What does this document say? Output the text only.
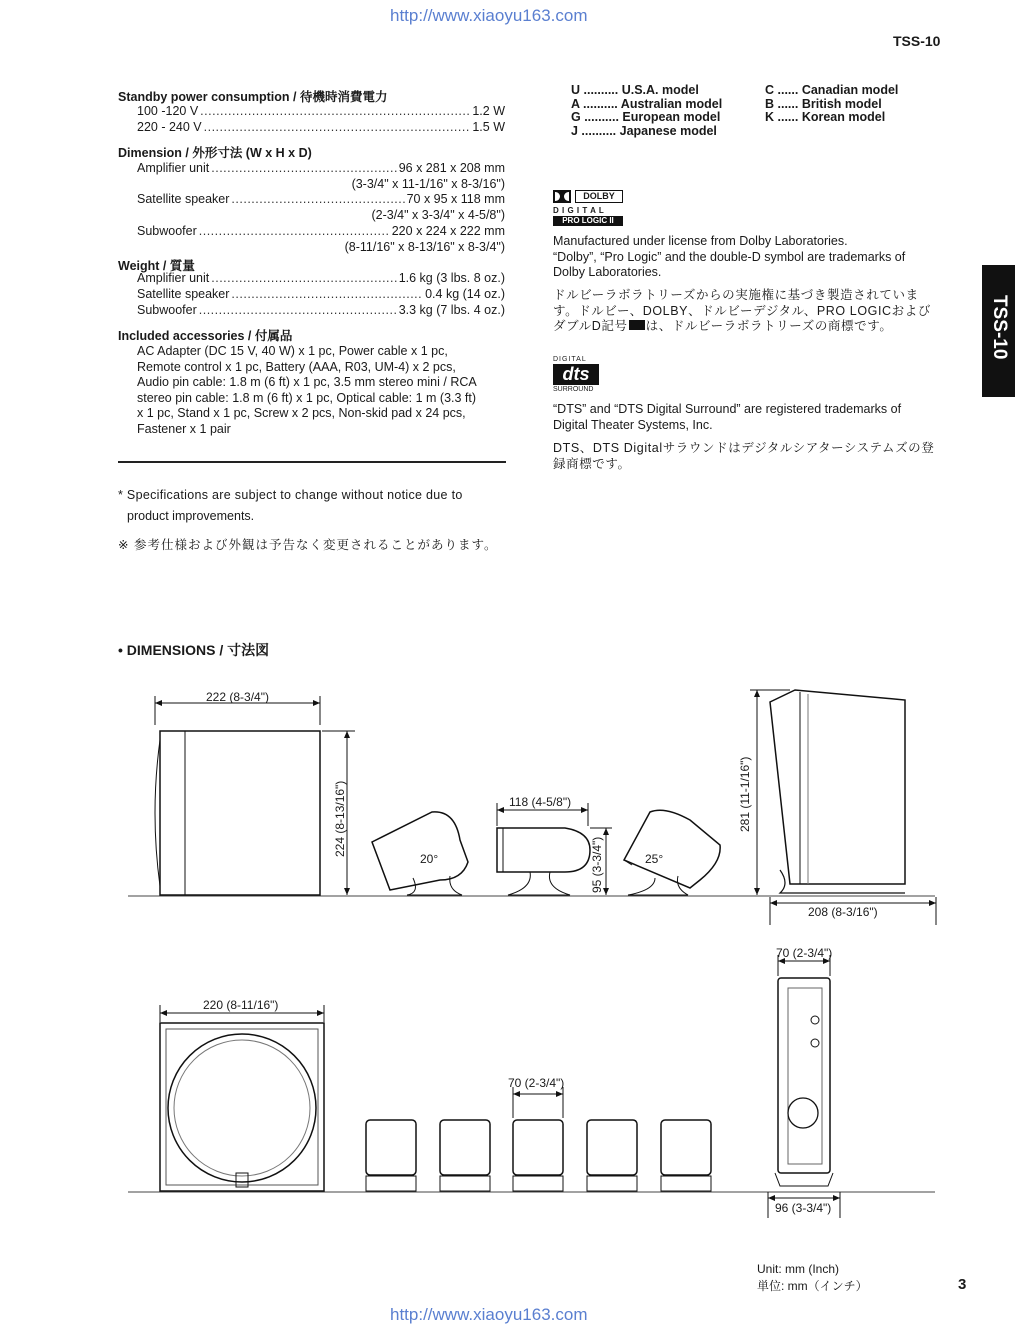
http://www.xiaoyu163.com
TSS-10
TSS-10
Standby power consumption / 待機時消費電力
100 -120 V .....	1.2 W
220 - 240 V .....	1.5 W
Dimension / 外形寸法 (W x H x D)
Amplifier unit .....	96 x 281 x 208 mm
(3-3/4" x 11-1/16" x 8-3/16")
Satellite speaker .....	70 x 95 x 118 mm
(2-3/4" x 3-3/4" x 4-5/8")
Subwoofer .....	220 x 224 x 222 mm
(8-11/16" x 8-13/16" x 8-3/4")
Weight / 質量
Amplifier unit .....	1.6 kg (3 lbs. 8 oz.)
Satellite speaker .....	0.4 kg (14 oz.)
Subwoofer .....	3.3 kg (7 lbs. 4 oz.)
Included accessories / 付属品
AC Adapter (DC 15 V, 40 W) x 1 pc, Power cable x 1 pc,
Remote control x 1 pc, Battery (AAA, R03, UM-4) x 2 pcs,
Audio pin cable: 1.8 m (6 ft) x 1 pc, 3.5 mm stereo mini / RCA
stereo pin cable: 1.8 m (6 ft) x 1 pc, Optical cable: 1 m (3.3 ft)
x 1 pc, Stand x 1 pc, Screw x 2 pcs, Non-skid pad x 24 pcs,
Fastener x 1 pair
* Specifications are subject to change without notice due to
product improvements.
※ 参考仕様および外観は予告なく変更されることがあります。
U .......... U.S.A. model
A .......... Australian model
G .......... European model
J .......... Japanese model
C ...... Canadian model
B ...... British model
K ...... Korean model
DOLBY
D I G I T A L
PRO LOGIC II
Manufactured under license from Dolby Laboratories.
“Dolby”, “Pro Logic” and the double-D symbol are trademarks of
Dolby Laboratories.
ドルビーラボラトリーズからの実施権に基づき製造されていま
す。ドルビー、DOLBY、ドルビーデジタル、PRO LOGICおよび
ダブルD記号 は、ドルビーラボラトリーズの商標です。
DIGITAL
dts
SURROUND
“DTS” and “DTS Digital Surround” are registered trademarks of
Digital Theater Systems, Inc.
DTS、DTS Digitalサラウンドはデジタルシアターシステムズの登
録商標です。
• DIMENSIONS / 寸法図
222 (8-3/4")
224 (8-13/16")
20°
118 (4-5/8")
95 (3-3/4")	25°
281 (11-1/16")
208 (8-3/16")
70 (2-3/4")
220 (8-11/16")
70 (2-3/4")
96 (3-3/4")
Unit: mm (Inch)
単位: mm（インチ）	3
http://www.xiaoyu163.com
